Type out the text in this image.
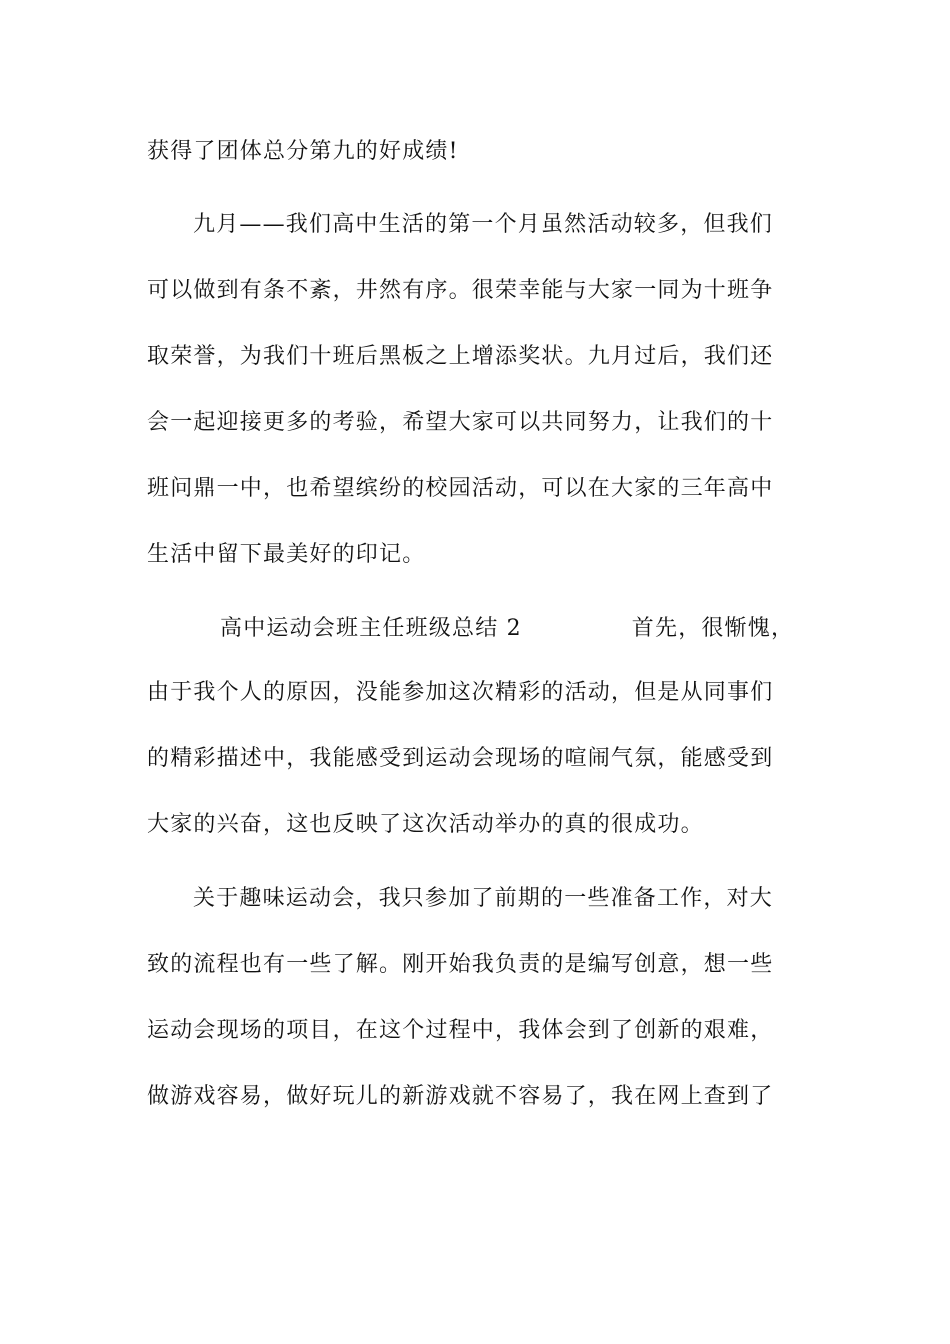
获得了团体总分第九的好成绩!
九月——我们高中生活的第一个月虽然活动较多，但我们
可以做到有条不紊，井然有序。很荣幸能与大家一同为十班争
取荣誉，为我们十班后黑板之上增添奖状。九月过后，我们还
会一起迎接更多的考验，希望大家可以共同努力，让我们的十
班问鼎一中，也希望缤纷的校园活动，可以在大家的三年高中
生活中留下最美好的印记。
高中运动会班主任班级总结 2	首先，很惭愧，
由于我个人的原因，没能参加这次精彩的活动，但是从同事们
的精彩描述中，我能感受到运动会现场的喧闹气氛，能感受到
大家的兴奋，这也反映了这次活动举办的真的很成功。
关于趣味运动会，我只参加了前期的一些准备工作，对大
致的流程也有一些了解。刚开始我负责的是编写创意，想一些
运动会现场的项目，在这个过程中，我体会到了创新的艰难，
做游戏容易，做好玩儿的新游戏就不容易了，我在网上查到了
